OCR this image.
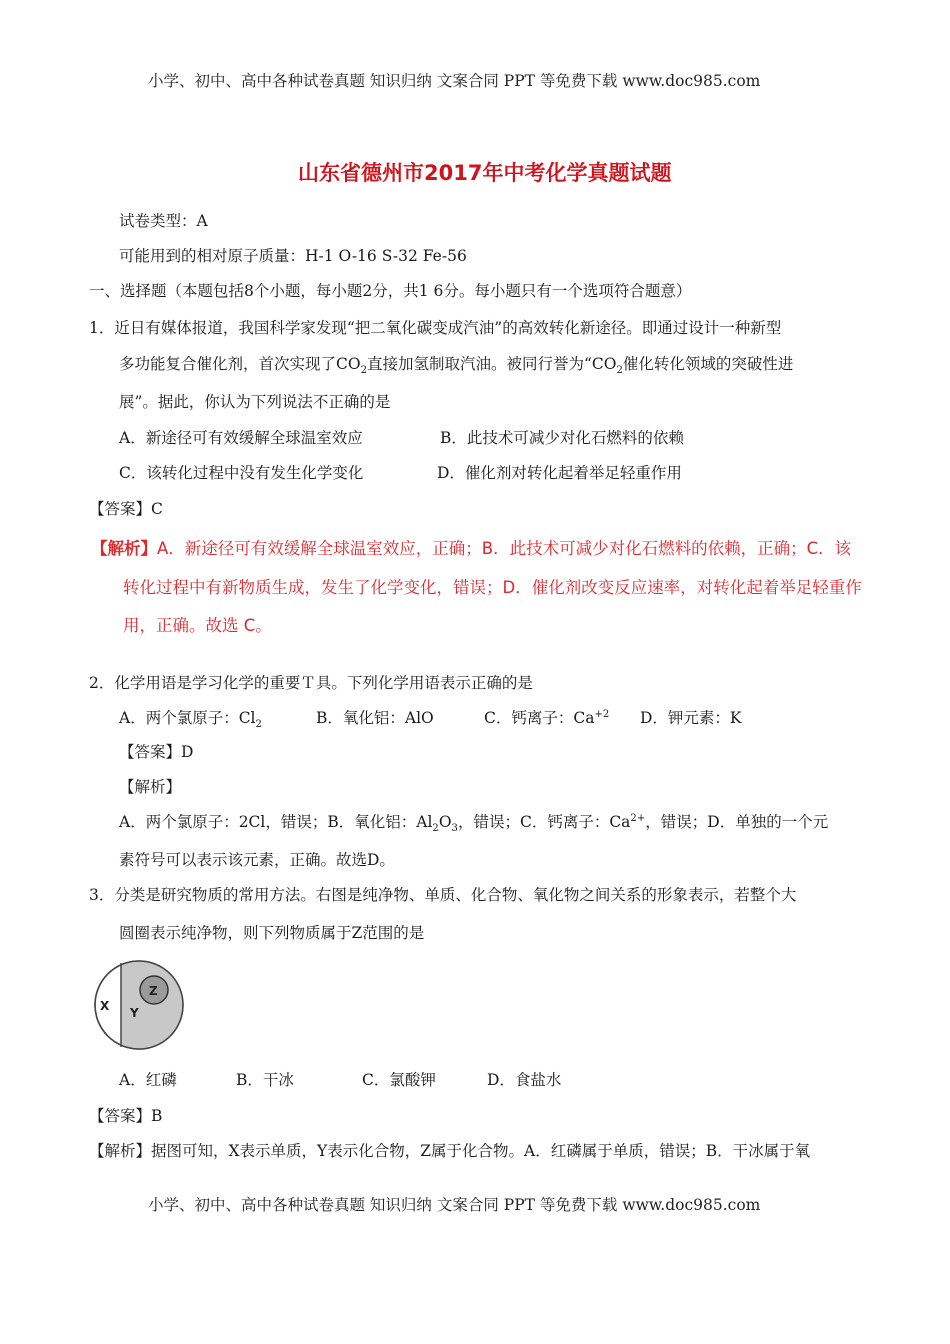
小学、初中、高中各种试卷真题 知识归纳 文案合同 PPT 等免费下载 www.doc985.com
山东省德州市2017年中考化学真题试题
试卷类型：A
可能用到的相对原子质量：H-1 O-16 S-32 Fe-56
一、选择题（本题包括8个小题，每小题2分，共1 6分。每小题只有一个选项符合题意）
1．近日有媒体报道，我国科学家发现“把二氧化碳变成汽油”的高效转化新途径。即通过设计一种新型
多功能复合催化剂，首次实现了$CO_2$直接加氢制取汽油。被同行誉为“$CO_2$催化转化领域的突破性进
展”。据此，你认为下列说法不正确的是
A．新途径可有效缓解全球温室效应	B．此技术可减少对化石燃料的依赖
C．该转化过程中没有发生化学变化	D．催化剂对转化起着举足轻重作用
【答案】C
【解析】A．新途径可有效缓解全球温室效应，正确；B．此技术可减少对化石燃料的依赖，正确；C．该
转化过程中有新物质生成，发生了化学变化，错误；D．催化剂改变反应速率，对转化起着举足轻重作
用，正确。故选 C。
2．化学用语是学习化学的重要Ｔ具。下列化学用语表示正确的是
A．两个氯原子：$Cl_2$	B．氧化铝：AlO	C．钙离子：$Ca^{+2}$ D．钾元素：K
【答案】D
【解析】
A．两个氯原子：2Cl，错误；B．氧化铝：$Al_2O_3$，错误；C．钙离子：$Ca^{2+}$，错误；D．单独的一个元
素符号可以表示该元素，正确。故选D。
3．分类是研究物质的常用方法。右图是纯净物、单质、化合物、氧化物之间关系的形象表示，若整个大
圆圈表示纯净物，则下列物质属于Z范围的是
X Y
Z
A．红磷	B．干冰	C．氯酸钾	D．食盐水
【答案】B
【解析】据图可知，X表示单质，Y表示化合物，Z属于化合物。A．红磷属于单质，错误；B．干冰属于氧
小学、初中、高中各种试卷真题 知识归纳 文案合同 PPT 等免费下载 www.doc985.com
